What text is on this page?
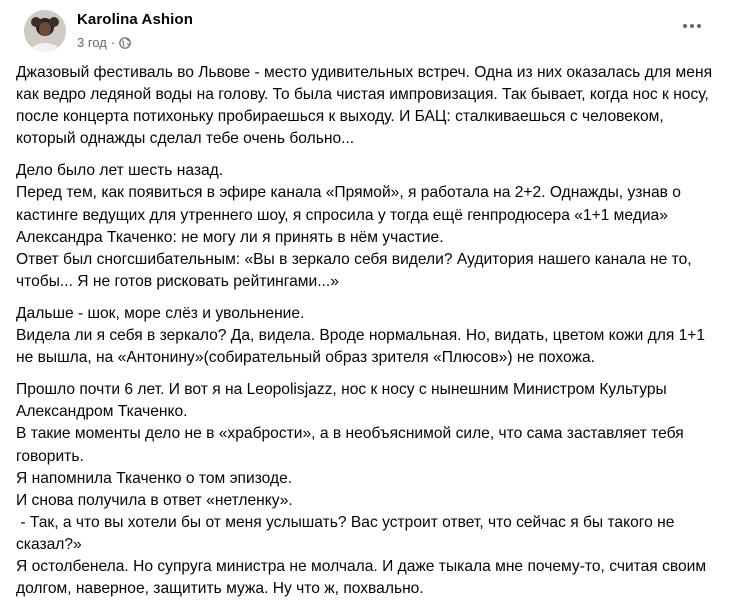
Karolina Ashion
3 год ·

Джазовый фестиваль во Львове - место удивительных встреч. Одна из них оказалась для меня как ведро ледяной воды на голову. То была чистая импровизация. Так бывает, когда нос к носу, после концерта потихоньку пробираешься к выходу. И БАЦ: сталкиваешься с человеком, который однажды сделал тебе очень больно...

Дело было лет шесть назад.
Перед тем, как появиться в эфире канала «Прямой», я работала на 2+2. Однажды, узнав о кастинге ведущих для утреннего шоу, я спросила у тогда ещё генпродюсера «1+1 медиа» Александра Ткаченко: не могу ли я принять в нём участие.
Ответ был сногсшибательным: «Вы в зеркало себя видели? Аудитория нашего канала не то, чтобы... Я не готов рисковать рейтингами...»

Дальше - шок, море слёз и увольнение.
Видела ли я себя в зеркало? Да, видела. Вроде нормальная. Но, видать, цветом кожи для 1+1 не вышла, на «Антонину»(собирательный образ зрителя «Плюсов») не похожа.

Прошло почти 6 лет. И вот я на Leopolisjazz, нос к носу с нынешним Министром Культуры Александром Ткаченко.
В такие моменты дело не в «храбрости», а в необъяснимой силе, что сама заставляет тебя говорить.
Я напомнила Ткаченко о том эпизоде.
И снова получила в ответ «нетленку».
- Так, а что вы хотели бы от меня услышать? Вас устроит ответ, что сейчас я бы такого не сказал?»
Я остолбенела. Но супруга министра не молчала. И даже тыкала мне почему-то, считая своим долгом, наверное, защитить мужа. Ну что ж, похвально.
